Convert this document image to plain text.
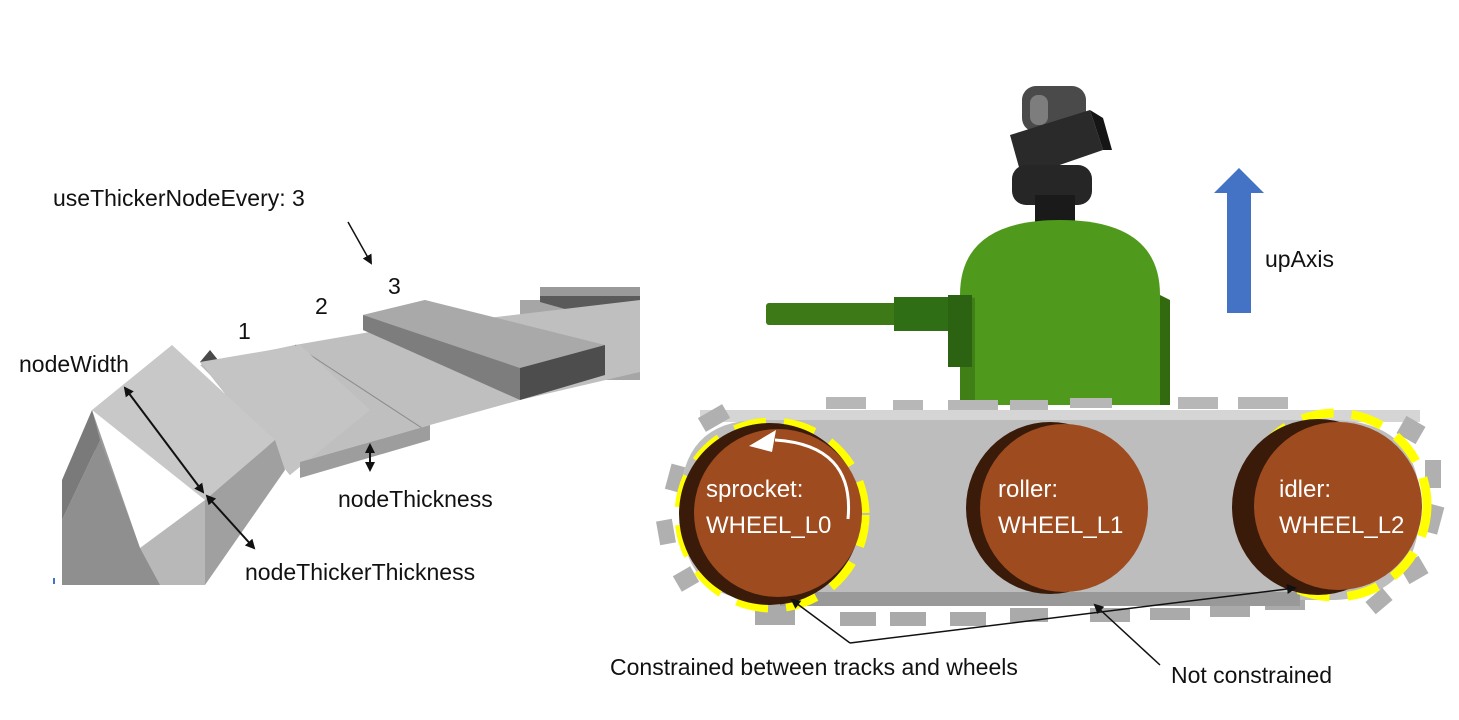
useThickerNodeEvery: 3
1
2
3
nodeWidth
nodeThickness
nodeThickerThickness
upAxis
sprocket:
WHEEL_L0
roller:
WHEEL_L1
idler:
WHEEL_L2
Constrained between tracks and wheels	Not constrained
